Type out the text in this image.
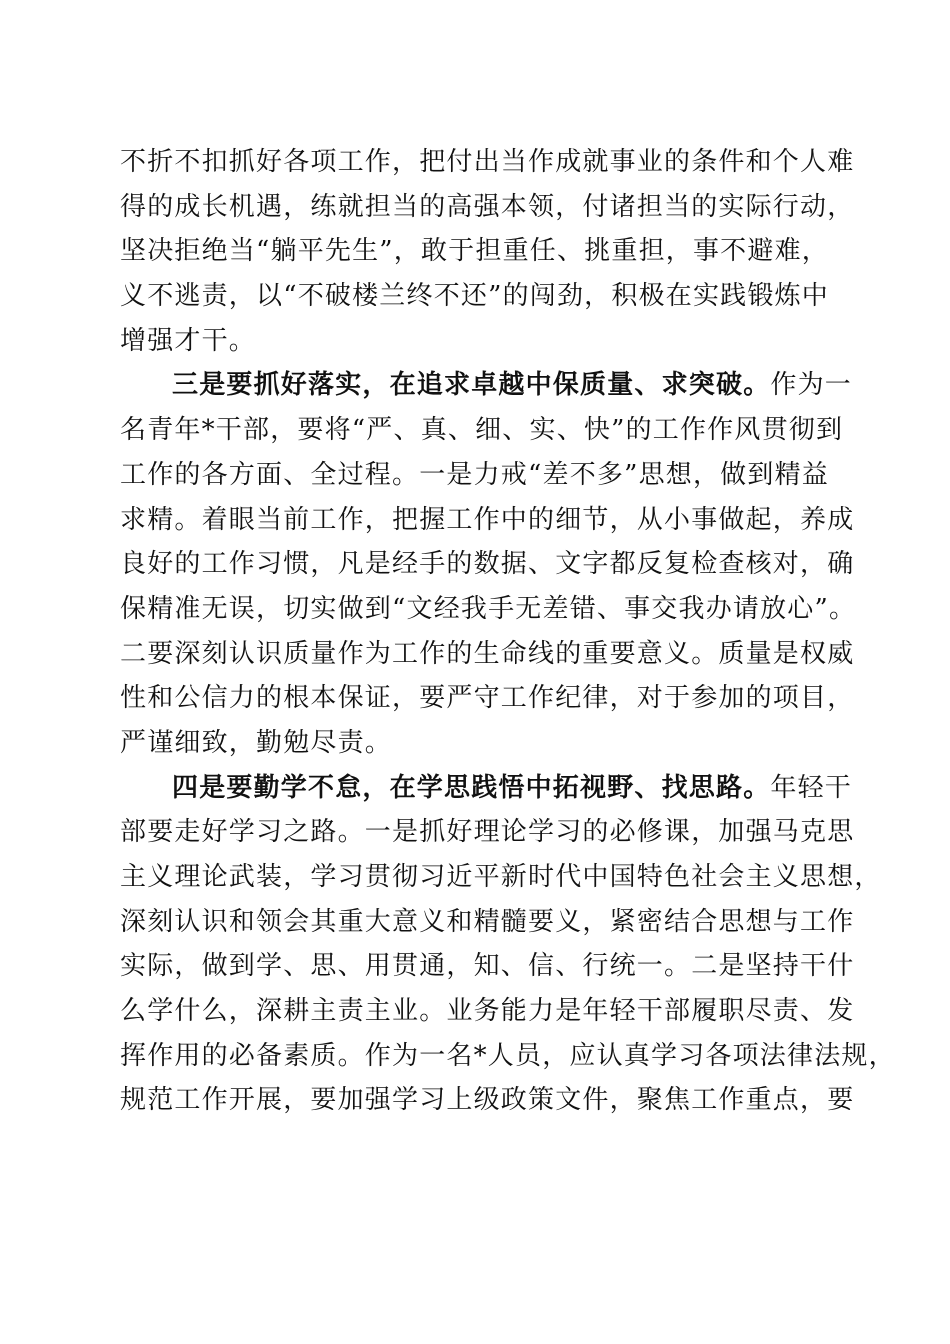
不折不扣抓好各项工作，把付出当作成就事业的条件和个人难
得的成长机遇，练就担当的高强本领，付诸担当的实际行动，
坚决拒绝当“躺平先生”，敢于担重任、挑重担，事不避难，
义不逃责，以“不破楼兰终不还”的闯劲，积极在实践锻炼中
增强才干。
三是要抓好落实，在追求卓越中保质量、求突破。作为一
名青年*干部，要将“严、真、细、实、快”的工作作风贯彻到
工作的各方面、全过程。一是力戒“差不多”思想，做到精益
求精。着眼当前工作，把握工作中的细节，从小事做起，养成
良好的工作习惯，凡是经手的数据、文字都反复检查核对，确
保精准无误，切实做到“文经我手无差错、事交我办请放心”。
二要深刻认识质量作为工作的生命线的重要意义。质量是权威
性和公信力的根本保证，要严守工作纪律，对于参加的项目，
严谨细致，勤勉尽责。
四是要勤学不怠，在学思践悟中拓视野、找思路。年轻干
部要走好学习之路。一是抓好理论学习的必修课，加强马克思
主义理论武装，学习贯彻习近平新时代中国特色社会主义思想，
深刻认识和领会其重大意义和精髓要义，紧密结合思想与工作
实际，做到学、思、用贯通，知、信、行统一。二是坚持干什
么学什么，深耕主责主业。业务能力是年轻干部履职尽责、发
挥作用的必备素质。作为一名*人员，应认真学习各项法律法规，
规范工作开展，要加强学习上级政策文件，聚焦工作重点，要
